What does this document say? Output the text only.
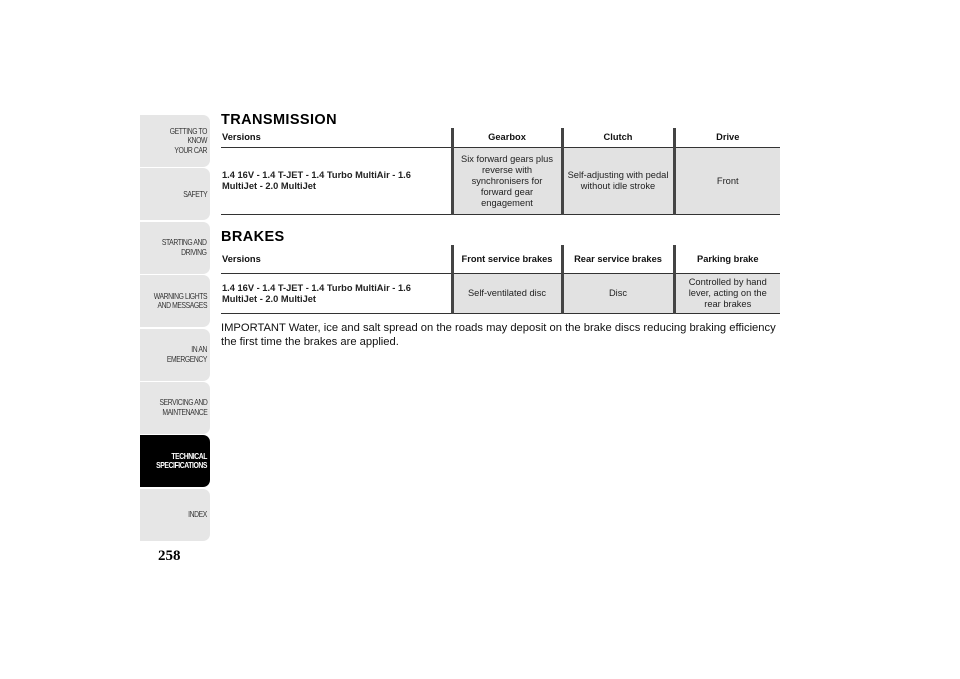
GETTING TO KNOW
YOUR CAR
SAFETY
STARTING AND
DRIVING
WARNING LIGHTS
AND MESSAGES
IN AN EMERGENCY
SERVICING AND
MAINTENANCE
TECHNICAL
SPECIFICATIONS
INDEX
258
TRANSMISSION
Versions	Gearbox	Clutch	Drive
1.4 16V - 1.4 T-JET - 1.4 Turbo MultiAir - 1.6 MultiJet - 2.0 MultiJet	Six forward gears plus reverse with synchronisers for forward gear engagement	Self-adjusting with pedal without idle stroke	Front
BRAKES
Versions	Front service brakes	Rear service brakes	Parking brake
1.4 16V - 1.4 T-JET - 1.4 Turbo MultiAir - 1.6 MultiJet - 2.0 MultiJet	Self-ventilated disc	Disc	Controlled by hand lever, acting on the rear brakes

IMPORTANT Water, ice and salt spread on the roads may deposit on the brake discs reducing braking efficiency the first time the brakes are applied.
